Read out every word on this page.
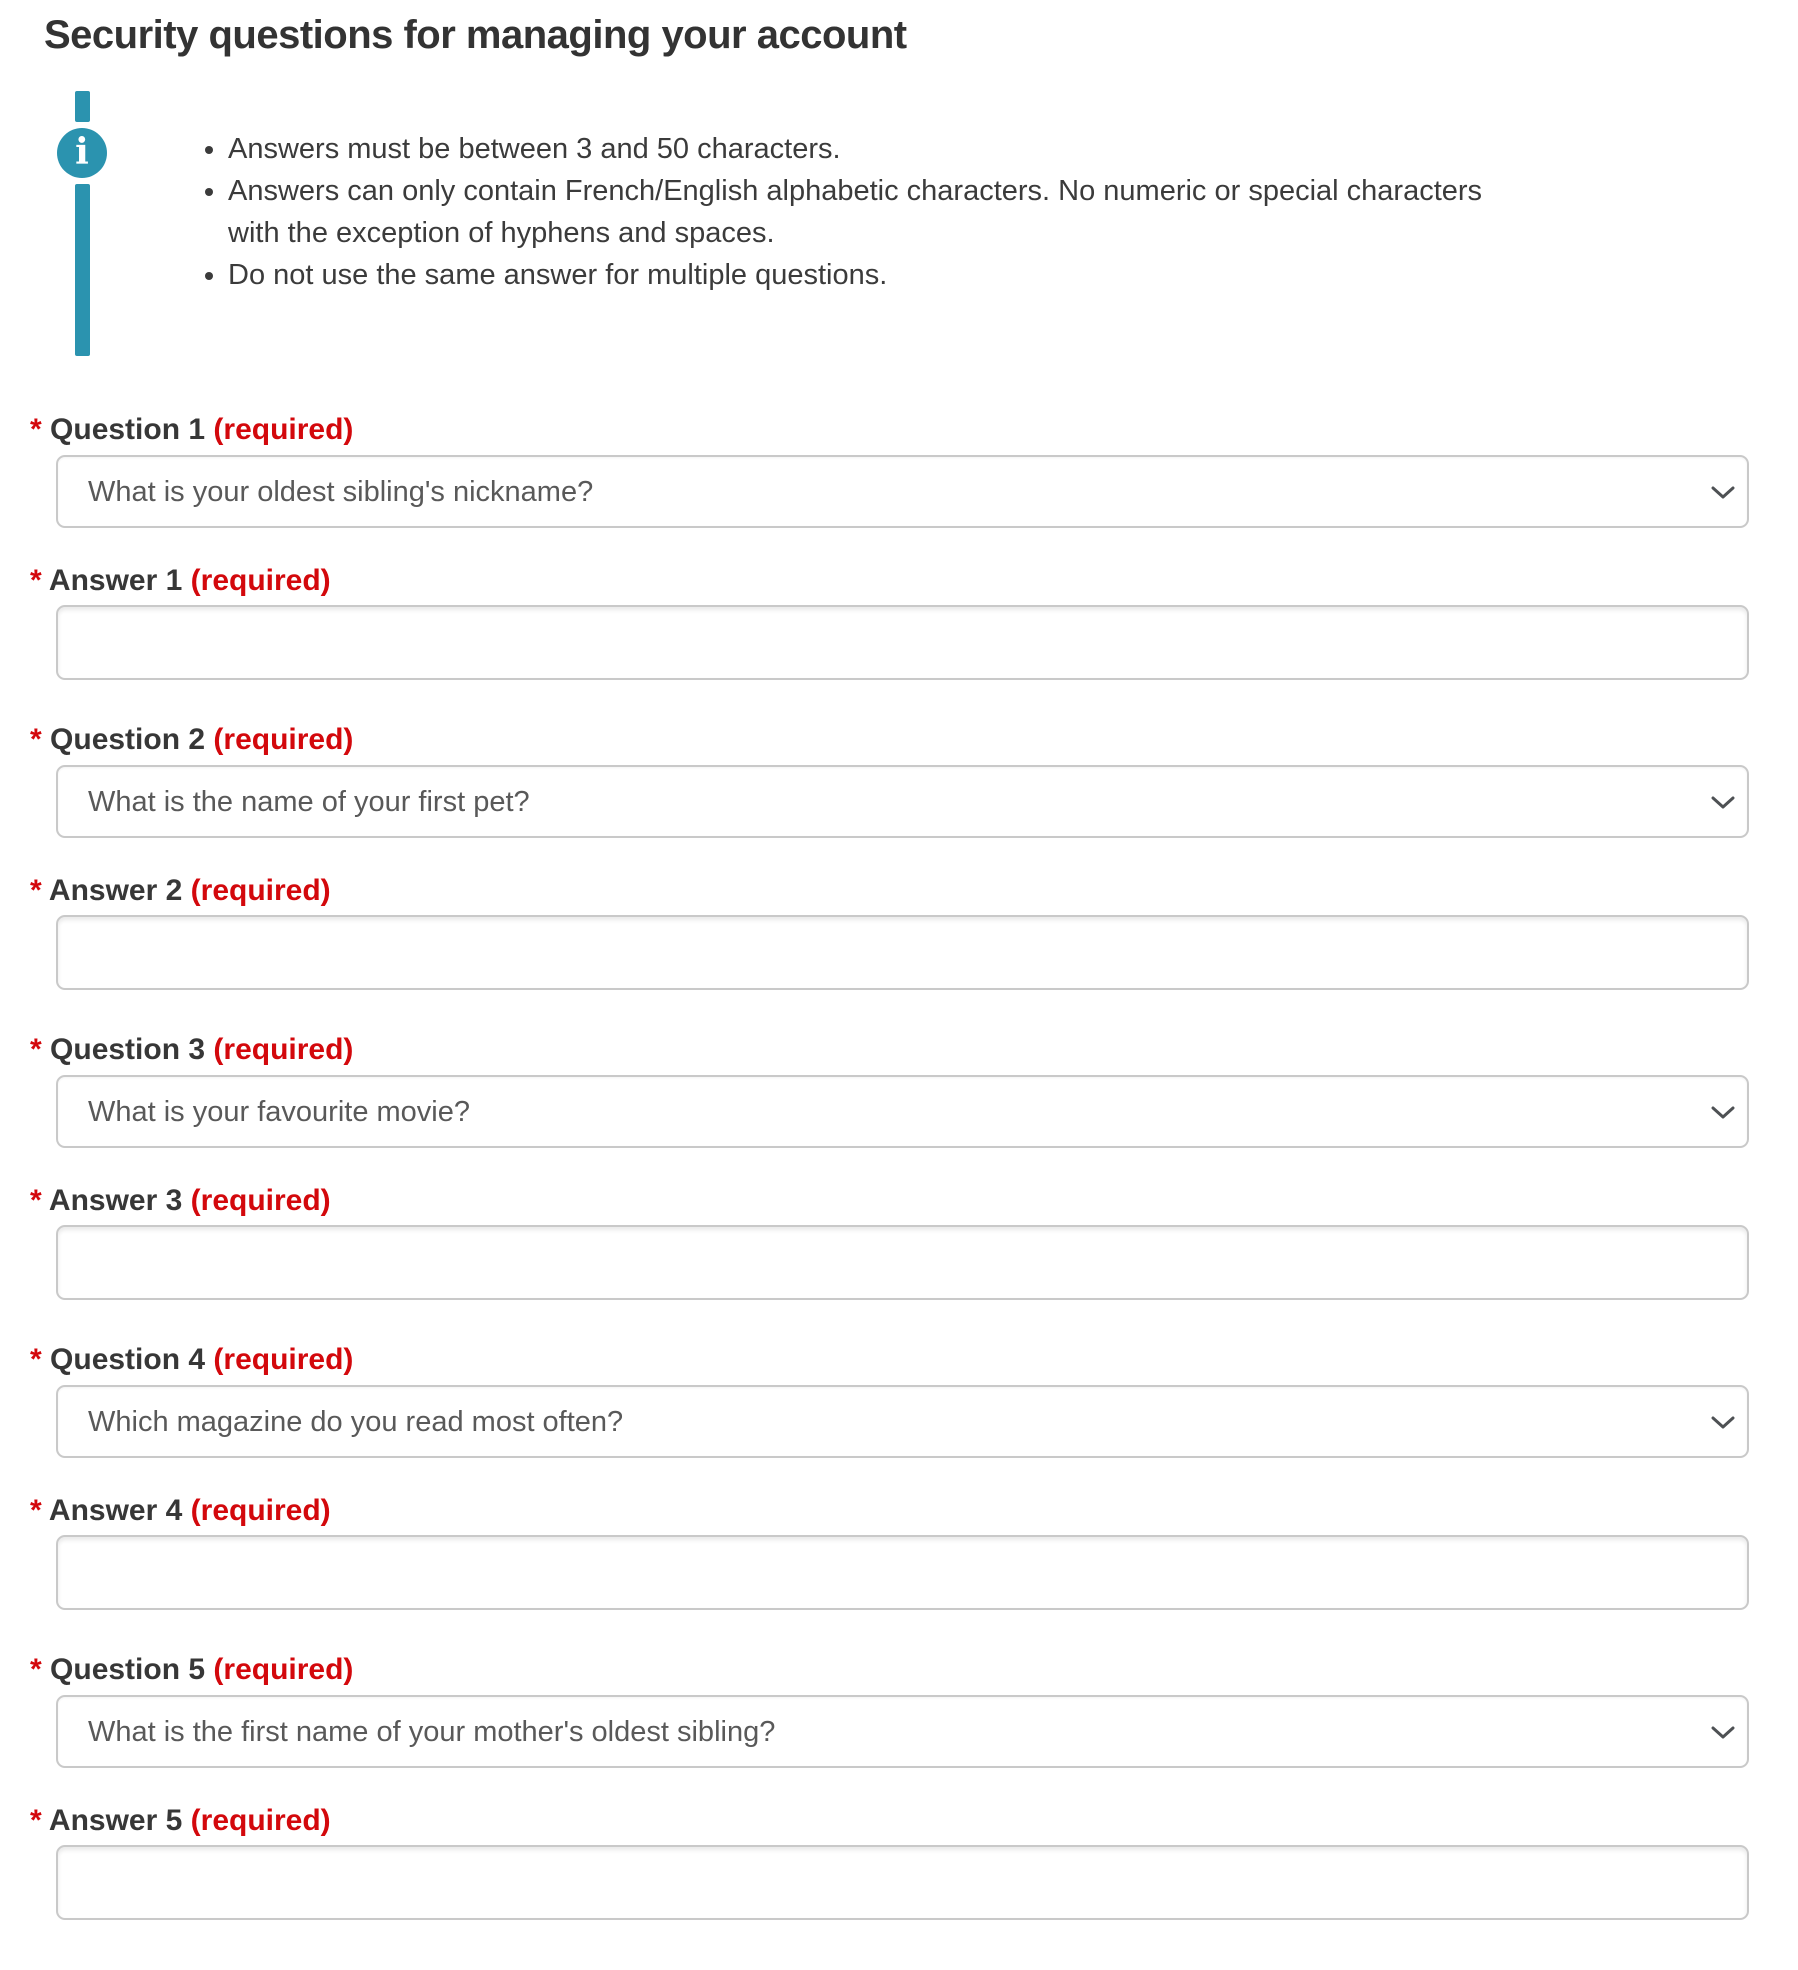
Security questions for managing your account
i	• Answers must be between 3 and 50 characters.
• Answers can only contain French/English alphabetic characters. No numeric or special characters
with the exception of hyphens and spaces.
• Do not use the same answer for multiple questions.
* Question 1 (required)
What is your oldest sibling's nickname?
* Answer 1 (required)
* Question 2 (required)
What is the name of your first pet?
* Answer 2 (required)
* Question 3 (required)
What is your favourite movie?
* Answer 3 (required)
* Question 4 (required)
Which magazine do you read most often?
* Answer 4 (required)
* Question 5 (required)
What is the first name of your mother's oldest sibling?
* Answer 5 (required)
